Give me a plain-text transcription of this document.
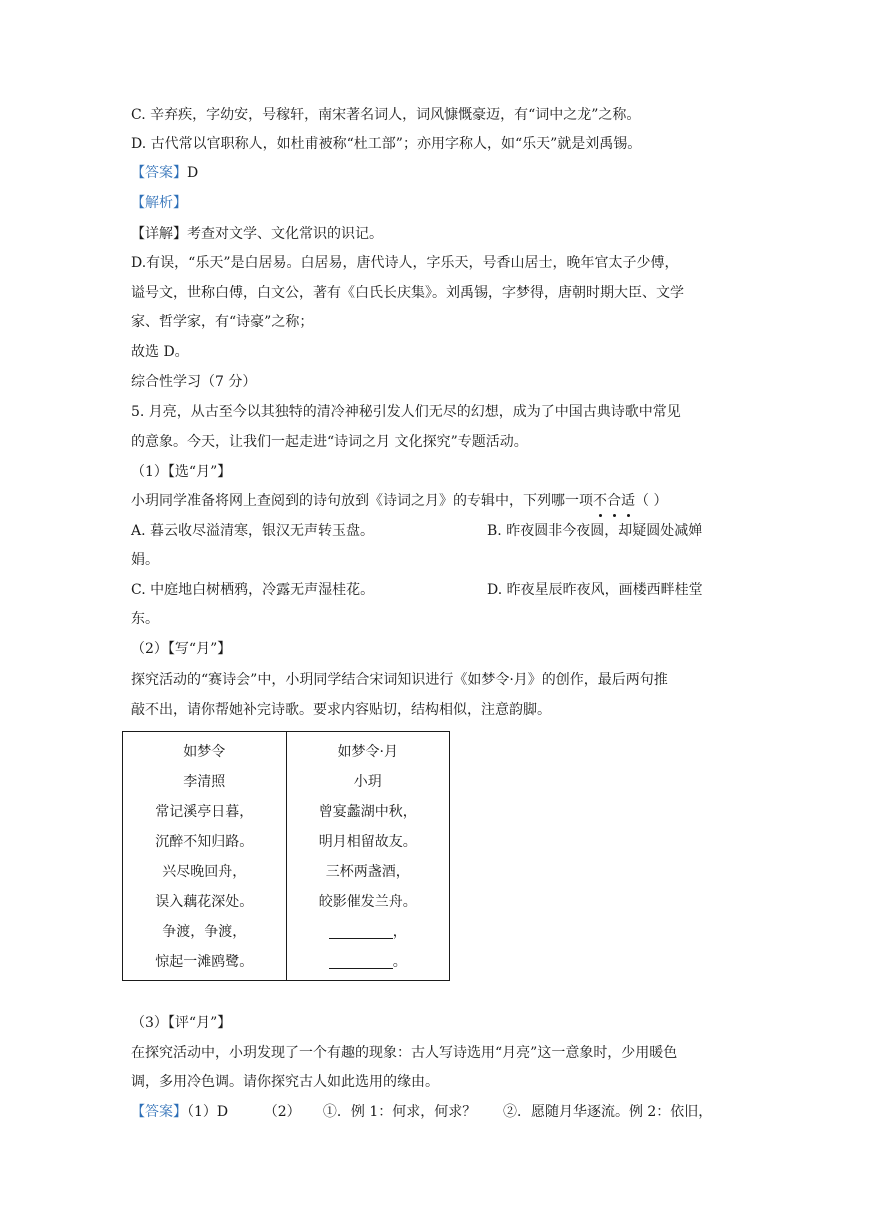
C. 辛弃疾，字幼安，号稼轩，南宋著名词人，词风慷慨豪迈，有“词中之龙”之称。
D. 古代常以官职称人，如杜甫被称“杜工部”；亦用字称人，如“乐天”就是刘禹锡。
【答案】D
【解析】
【详解】考查对文学、文化常识的识记。
D.有误，“乐天”是白居易。白居易，唐代诗人，字乐天，号香山居士，晚年官太子少傅，
谥号文，世称白傅，白文公，著有《白氏长庆集》。刘禹锡，字梦得，唐朝时期大臣、文学
家、哲学家，有“诗豪”之称；
故选 D。
综合性学习（7 分）
5. 月亮，从古至今以其独特的清冷神秘引发人们无尽的幻想，成为了中国古典诗歌中常见
的意象。今天，让我们一起走进“诗词之月 文化探究”专题活动。
（1）【选“月”】
小玥同学准备将网上查阅到的诗句放到《诗词之月》的专辑中，下列哪一项不合适（ ）
A. 暮云收尽溢清寒，银汉无声转玉盘。	B. 昨夜圆非今夜圆，却疑圆处减婵
娟。
C. 中庭地白树栖鸦，冷露无声湿桂花。	D. 昨夜星辰昨夜风，画楼西畔桂堂
东。
（2）【写“月”】
探究活动的“赛诗会”中，小玥同学结合宋词知识进行《如梦令·月》的创作，最后两句推
敲不出，请你帮她补完诗歌。要求内容贴切，结构相似，注意韵脚。
如梦令
李清照
常记溪亭日暮，
沉醉不知归路。
兴尽晚回舟，
误入藕花深处。
争渡，争渡，
惊起一滩鸥鹭。
如梦令·月
小玥
曾宴蠡湖中秋，
明月相留故友。
三杯两盏酒，
皎影催发兰舟。
，
。
（3）【评“月”】
在探究活动中，小玥发现了一个有趣的现象：古人写诗选用“月亮”这一意象时，少用暖色
调，多用冷色调。请你探究古人如此选用的缘由。
【答案】（1）D        （2）     ①．例 1：何求，何求？      ②．愿随月华逐流。例 2：依旧，
